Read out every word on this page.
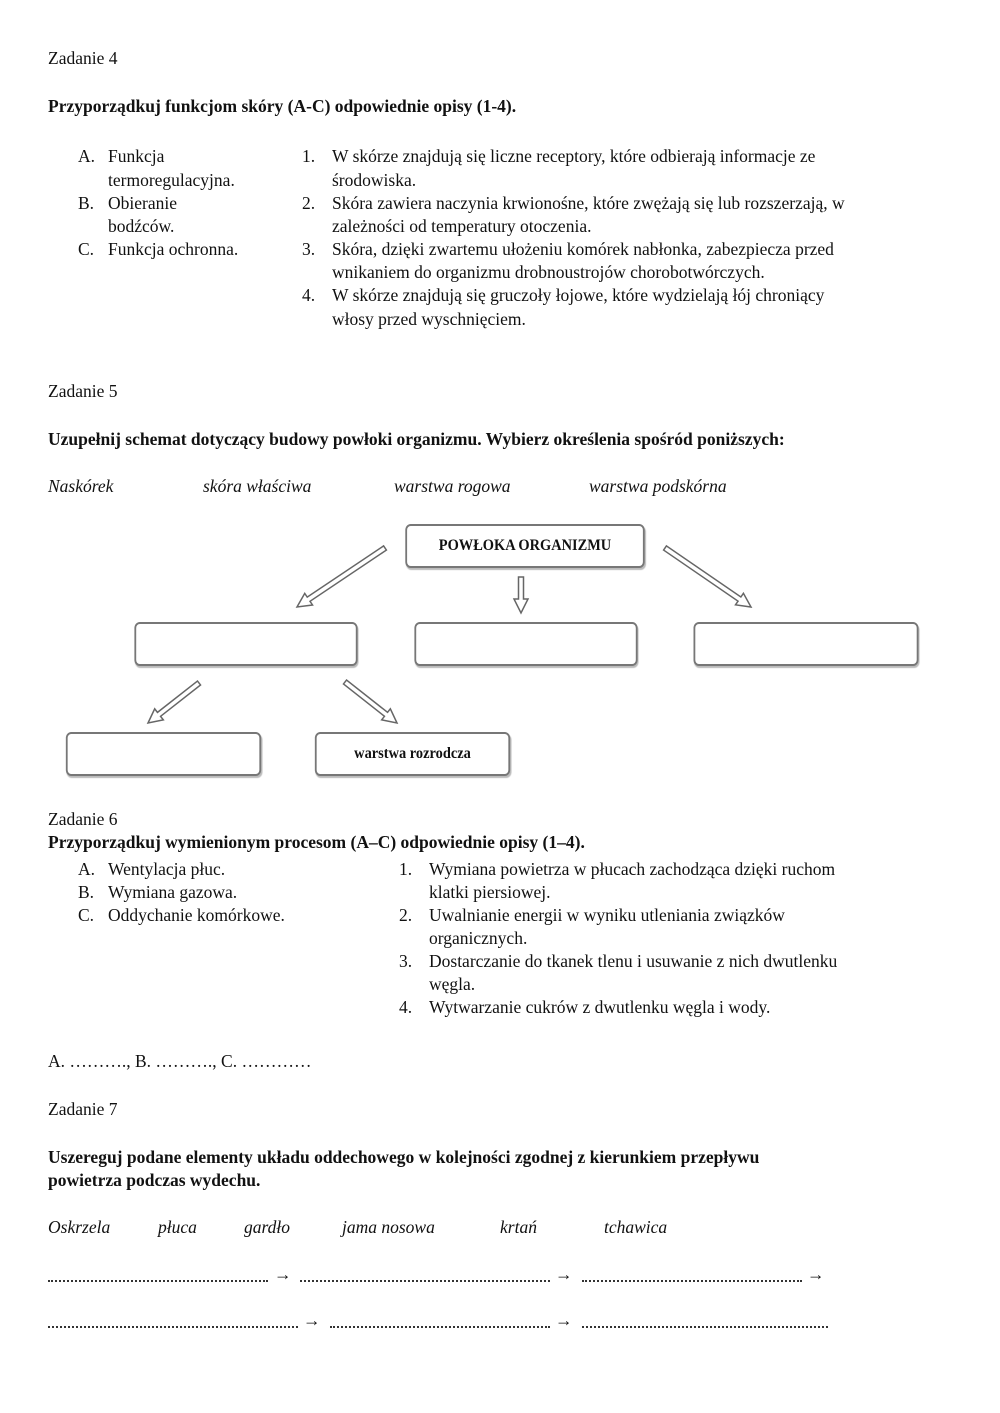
Zadanie 4
Przyporządkuj funkcjom skóry (A-C) odpowiednie opisy (1-4).
A. Funkcja
termoregulacyjna.
B. Obieranie
bodźców.
C. Funkcja ochronna.
1. W skórze znajdują się liczne receptory, które odbierają informacje ze
środowiska.
2. Skóra zawiera naczynia krwionośne, które zwężają się lub rozszerzają, w
zależności od temperatury otoczenia.
3. Skóra, dzięki zwartemu ułożeniu komórek nabłonka, zabezpiecza przed
wnikaniem do organizmu drobnoustrojów chorobotwórczych.
4. W skórze znajdują się gruczoły łojowe, które wydzielają łój chroniący
włosy przed wyschnięciem.
Zadanie 5
Uzupełnij schemat dotyczący budowy powłoki organizmu. Wybierz określenia spośród poniższych:
Naskórek	skóra właściwa	warstwa rogowa	warstwa podskórna
POWŁOKA ORGANIZMU
warstwa rozrodcza
Zadanie 6
Przyporządkuj wymienionym procesom (A–C) odpowiednie opisy (1–4).
A. Wentylacja płuc.
B. Wymiana gazowa.
C. Oddychanie komórkowe.
1. Wymiana powietrza w płucach zachodząca dzięki ruchom
klatki piersiowej.
2. Uwalnianie energii w wyniku utleniania związków
organicznych.
3. Dostarczanie do tkanek tlenu i usuwanie z nich dwutlenku
węgla.
4. Wytwarzanie cukrów z dwutlenku węgla i wody.
A. ………., B. ………., C. …………
Zadanie 7
Uszereguj podane elementy układu oddechowego w kolejności zgodnej z kierunkiem przepływu
powietrza podczas wydechu.
Oskrzela	płuca	gardło	jama nosowa	krtań	tchawica
→	→	→
→	→
